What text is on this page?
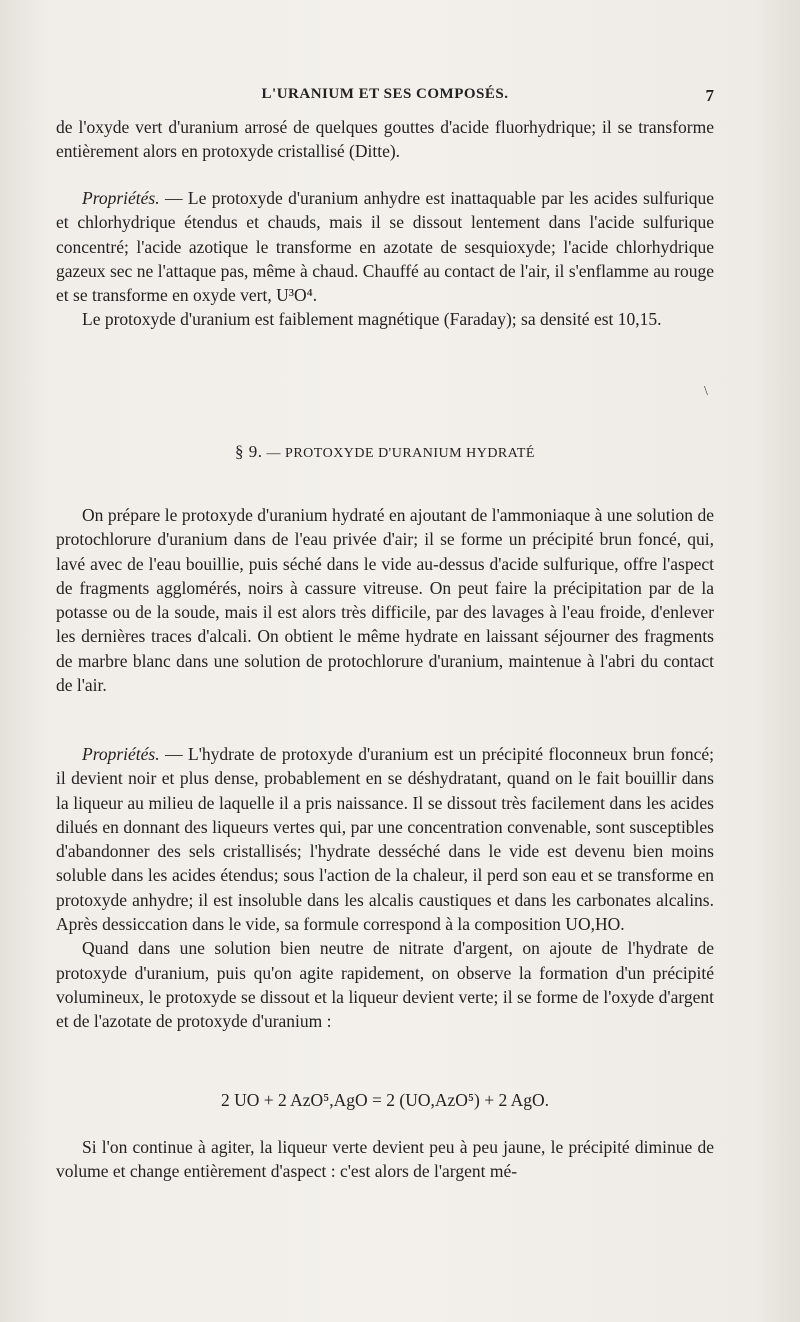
L'URANIUM ET SES COMPOSÉS.	7

de l'oxyde vert d'uranium arrosé de quelques gouttes d'acide fluorhydrique; il se transforme entièrement alors en protoxyde cristallisé (Ditte).

Propriétés. — Le protoxyde d'uranium anhydre est inattaquable par les acides sulfurique et chlorhydrique étendus et chauds, mais il se dissout lentement dans l'acide sulfurique concentré; l'acide azotique le transforme en azotate de sesquioxyde; l'acide chlorhydrique gazeux sec ne l'attaque pas, même à chaud. Chauffé au contact de l'air, il s'enflamme au rouge et se transforme en oxyde vert, U³O⁴.

Le protoxyde d'uranium est faiblement magnétique (Faraday); sa densité est 10,15.

\
§ 9. — PROTOXYDE D'URANIUM HYDRATÉ

On prépare le protoxyde d'uranium hydraté en ajoutant de l'ammoniaque à une solution de protochlorure d'uranium dans de l'eau privée d'air; il se forme un précipité brun foncé, qui, lavé avec de l'eau bouillie, puis séché dans le vide au-dessus d'acide sulfurique, offre l'aspect de fragments agglomérés, noirs à cassure vitreuse. On peut faire la précipitation par de la potasse ou de la soude, mais il est alors très difficile, par des lavages à l'eau froide, d'enlever les dernières traces d'alcali. On obtient le même hydrate en laissant séjourner des fragments de marbre blanc dans une solution de protochlorure d'uranium, maintenue à l'abri du contact de l'air.

Propriétés. — L'hydrate de protoxyde d'uranium est un précipité floconneux brun foncé; il devient noir et plus dense, probablement en se déshydratant, quand on le fait bouillir dans la liqueur au milieu de laquelle il a pris naissance. Il se dissout très facilement dans les acides dilués en donnant des liqueurs vertes qui, par une concentration convenable, sont susceptibles d'abandonner des sels cristallisés; l'hydrate desséché dans le vide est devenu bien moins soluble dans les acides étendus; sous l'action de la chaleur, il perd son eau et se transforme en protoxyde anhydre; il est insoluble dans les alcalis caustiques et dans les carbonates alcalins. Après dessiccation dans le vide, sa formule correspond à la composition UO,HO.

Quand dans une solution bien neutre de nitrate d'argent, on ajoute de l'hydrate de protoxyde d'uranium, puis qu'on agite rapidement, on observe la formation d'un précipité volumineux, le protoxyde se dissout et la liqueur devient verte; il se forme de l'oxyde d'argent et de l'azotate de protoxyde d'uranium :

2 UO + 2 AzO⁵,AgO = 2 (UO,AzO⁵) + 2 AgO.

Si l'on continue à agiter, la liqueur verte devient peu à peu jaune, le précipité diminue de volume et change entièrement d'aspect : c'est alors de l'argent mé-
